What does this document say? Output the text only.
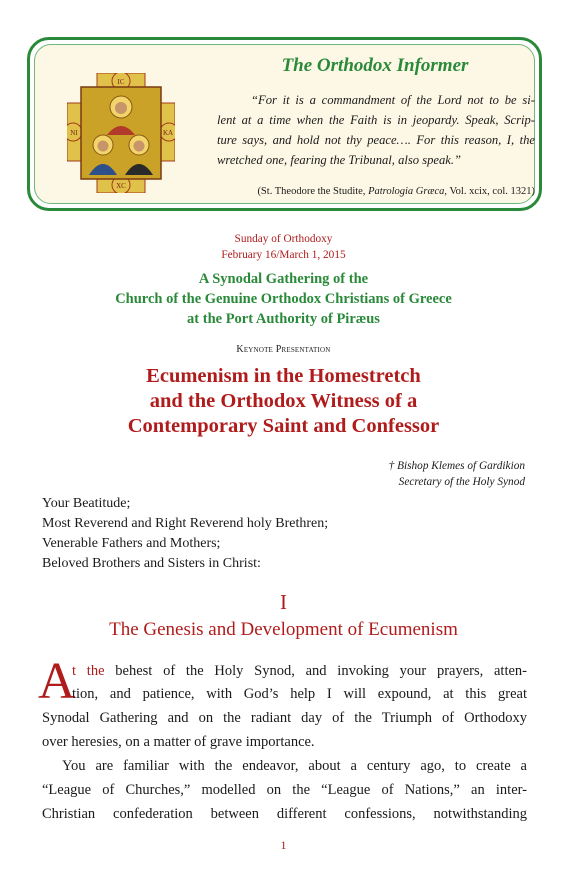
IC
XC
NI	KA
The Orthodox Informer
“For it is a commandment of the Lord not to be si-
lent at a time when the Faith is in jeopardy. Speak, Scrip-
ture says, and hold not thy peace…. For this reason, I, the
wretched one, fearing the Tribunal, also speak.”
(St. Theodore the Studite, Patrologia Græca, Vol. xcix, col. 1321)
Sunday of Orthodoxy
February 16/March 1, 2015
A Synodal Gathering of the
Church of the Genuine Orthodox Christians of Greece
at the Port Authority of Piræus
Keynote Presentation
Ecumenism in the Homestretch
and the Orthodox Witness of a
Contemporary Saint and Confessor
† Bishop Klemes of Gardikion
Secretary of the Holy Synod
Your Beatitude;
Most Reverend and Right Reverend holy Brethren;
Venerable Fathers and Mothers;
Beloved Brothers and Sisters in Christ:
I
The Genesis and Development of Ecumenism
A
t the behest of the Holy Synod, and invoking your prayers, atten-
tion, and patience, with God’s help I will expound, at this great
Synodal Gathering and on the radiant day of the Triumph of Orthodoxy
over heresies, on a matter of grave importance.
You are familiar with the endeavor, about a century ago, to create a
“League of Churches,” modelled on the “League of Nations,” an inter-
Christian confederation between different confessions, notwithstanding
1
